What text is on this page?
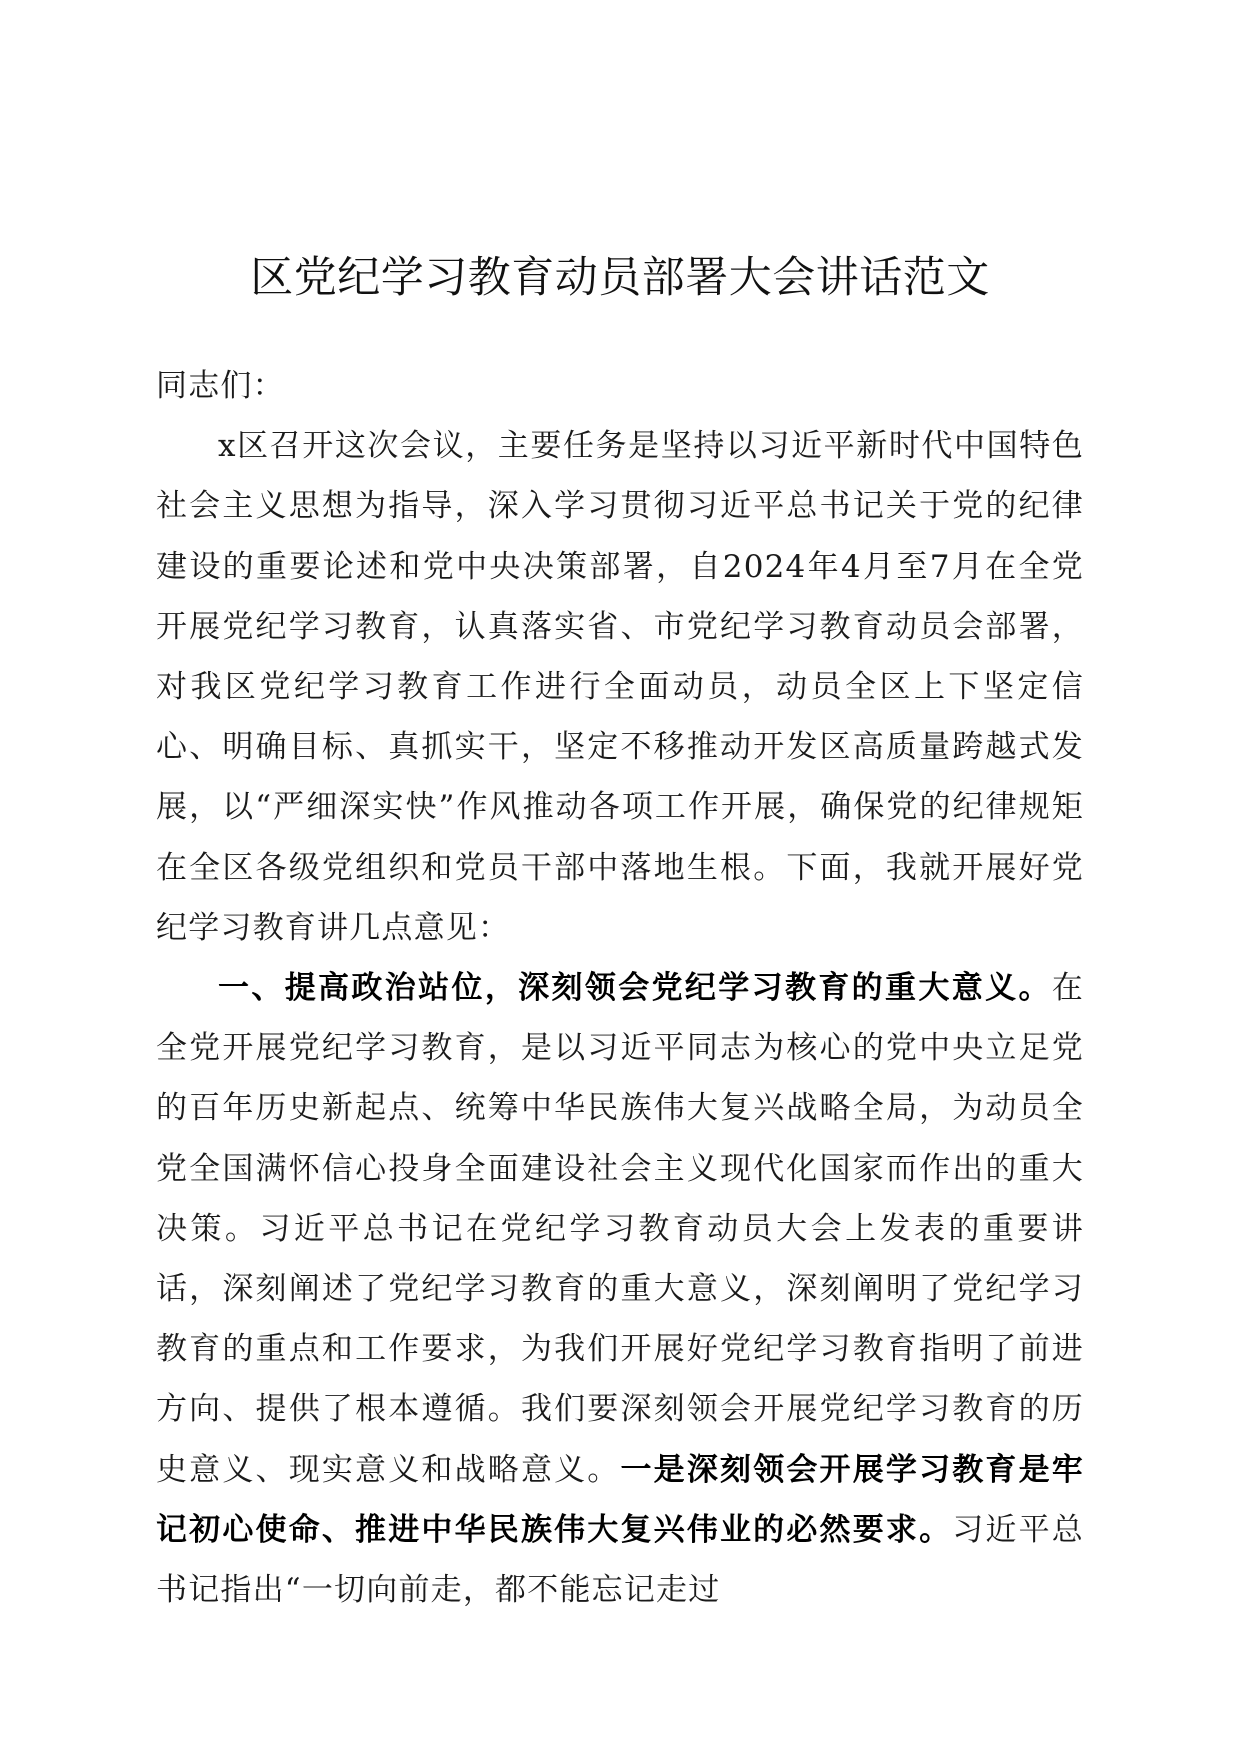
区党纪学习教育动员部署大会讲话范文

同志们：

x区召开这次会议，主要任务是坚持以习近平新时代中国特色社会主义思想为指导，深入学习贯彻习近平总书记关于党的纪律建设的重要论述和党中央决策部署，自2024年4月至7月在全党开展党纪学习教育，认真落实省、市党纪学习教育动员会部署，对我区党纪学习教育工作进行全面动员，动员全区上下坚定信心、明确目标、真抓实干，坚定不移推动开发区高质量跨越式发展，以“严细深实快”作风推动各项工作开展，确保党的纪律规矩在全区各级党组织和党员干部中落地生根。下面，我就开展好党纪学习教育讲几点意见：

一、提高政治站位，深刻领会党纪学习教育的重大意义。在全党开展党纪学习教育，是以习近平同志为核心的党中央立足党的百年历史新起点、统筹中华民族伟大复兴战略全局，为动员全党全国满怀信心投身全面建设社会主义现代化国家而作出的重大决策。习近平总书记在党纪学习教育动员大会上发表的重要讲话，深刻阐述了党纪学习教育的重大意义，深刻阐明了党纪学习教育的重点和工作要求，为我们开展好党纪学习教育指明了前进方向、提供了根本遵循。我们要深刻领会开展党纪学习教育的历史意义、现实意义和战略意义。一是深刻领会开展学习教育是牢记初心使命、推进中华民族伟大复兴伟业的必然要求。习近平总书记指出“一切向前走，都不能忘记走过
